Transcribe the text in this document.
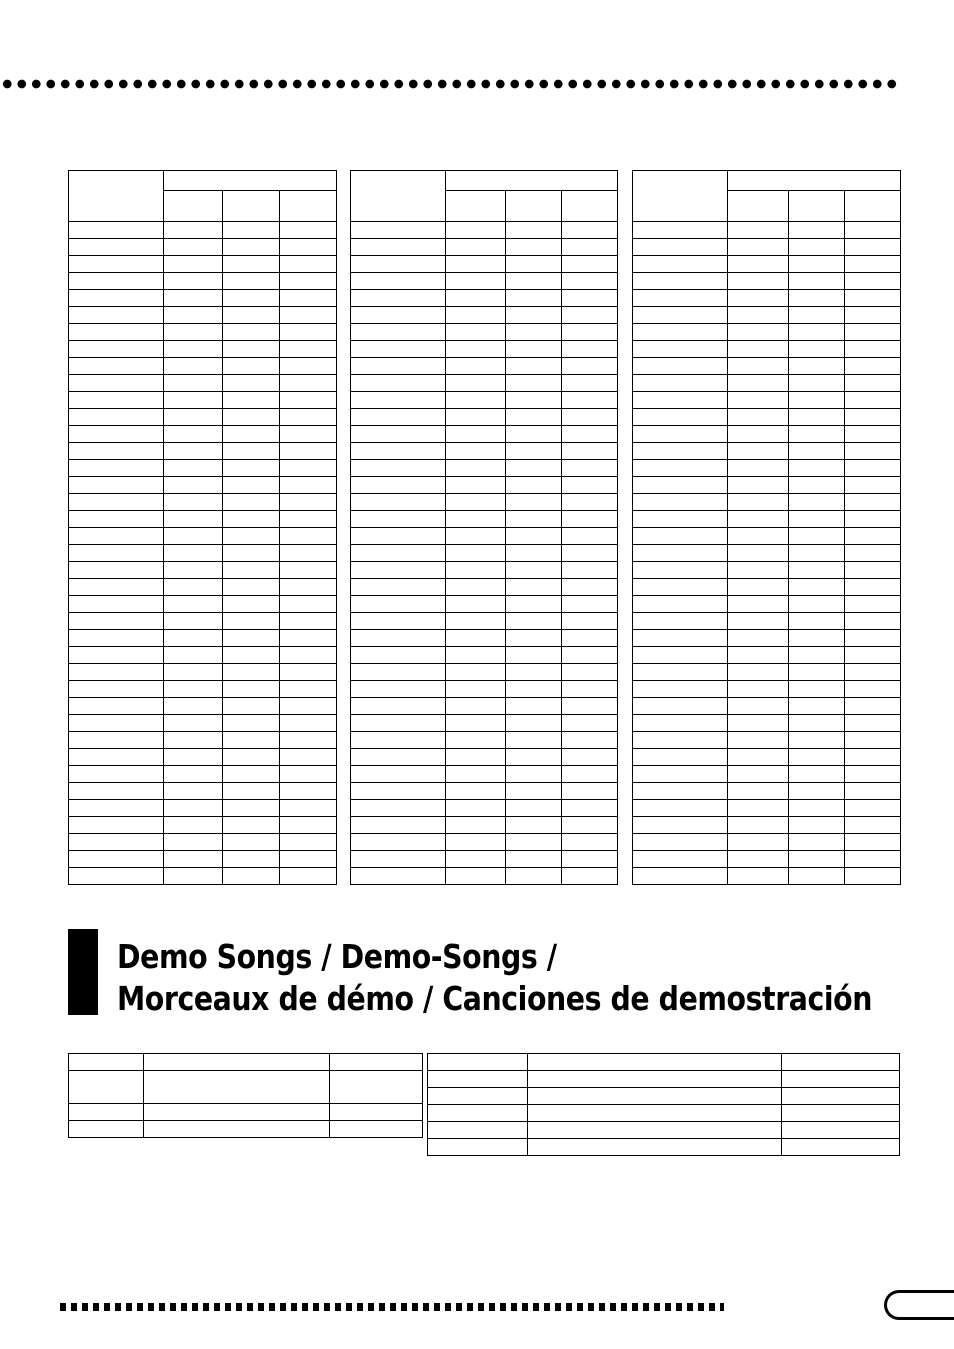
Demo Songs / Demo-Songs /
Morceaux de démo / Canciones de demostración
